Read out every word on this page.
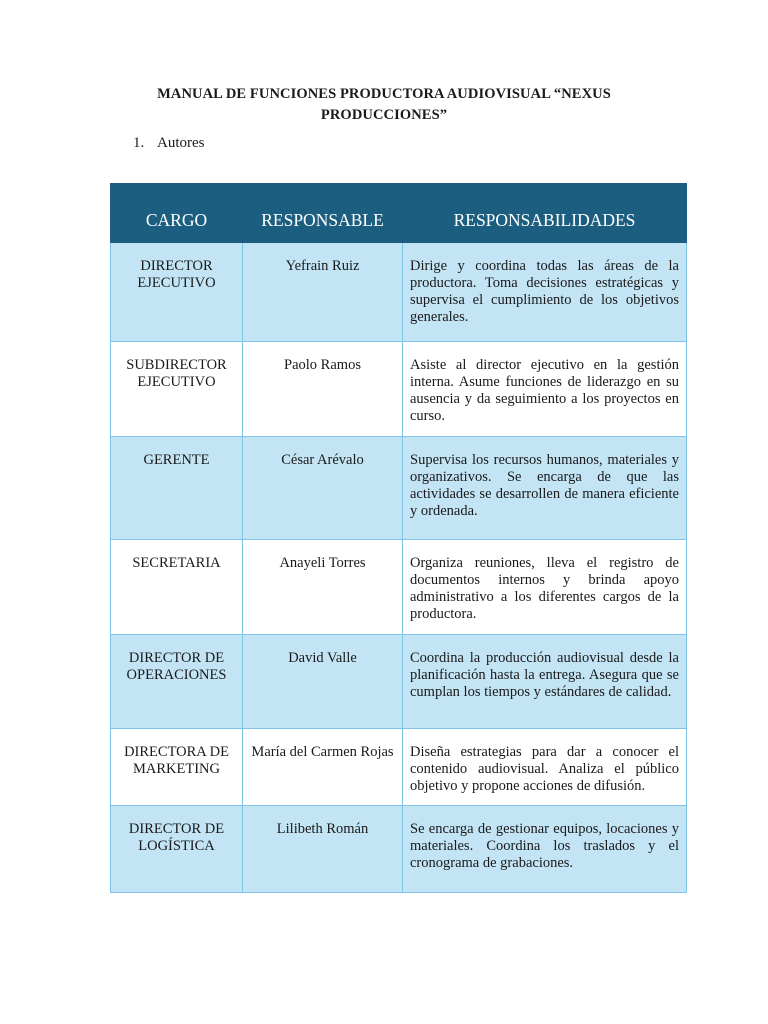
MANUAL DE FUNCIONES PRODUCTORA AUDIOVISUAL “NEXUS
PRODUCCIONES”
1. Autores
CARGO	RESPONSABLE	RESPONSABILIDADES
DIRECTOR EJECUTIVO	Yefrain Ruiz	Dirige y coordina todas las áreas de la productora. Toma decisiones estratégicas y supervisa el cumplimiento de los objetivos generales.
SUBDIRECTOR EJECUTIVO	Paolo Ramos	Asiste al director ejecutivo en la gestión interna. Asume funciones de liderazgo en su ausencia y da seguimiento a los proyectos en curso.
GERENTE	César Arévalo	Supervisa los recursos humanos, materiales y organizativos. Se encarga de que las actividades se desarrollen de manera eficiente y ordenada.
SECRETARIA	Anayeli Torres	Organiza reuniones, lleva el registro de documentos internos y brinda apoyo administrativo a los diferentes cargos de la productora.
DIRECTOR DE OPERACIONES	David Valle	Coordina la producción audiovisual desde la planificación hasta la entrega. Asegura que se cumplan los tiempos y estándares de calidad.
DIRECTORA DE MARKETING	María del Carmen Rojas	Diseña estrategias para dar a conocer el contenido audiovisual. Analiza el público objetivo y propone acciones de difusión.
DIRECTOR DE LOGÍSTICA	Lilibeth Román	Se encarga de gestionar equipos, locaciones y materiales. Coordina los traslados y el cronograma de grabaciones.
